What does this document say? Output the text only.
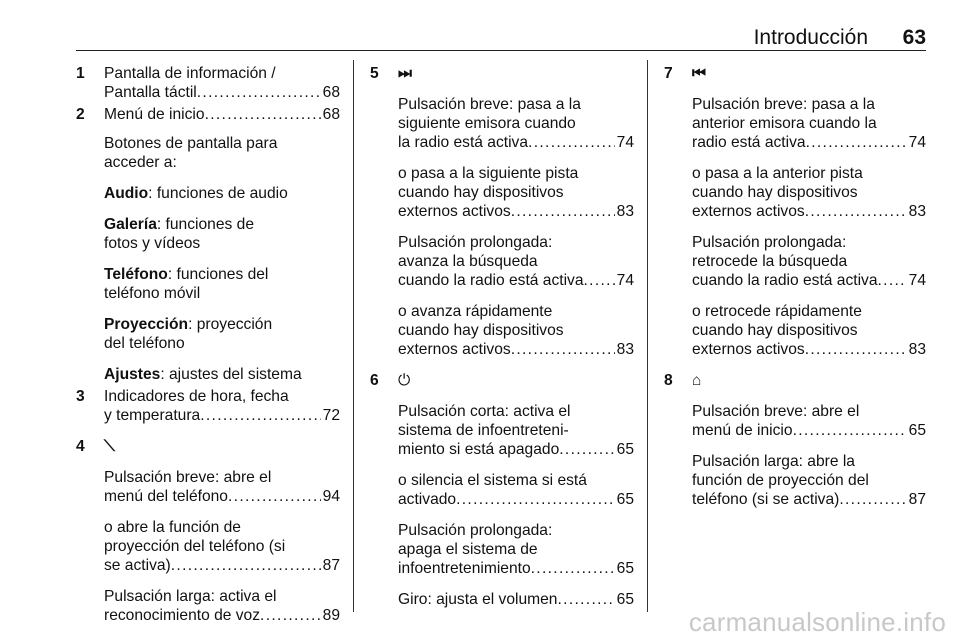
Introducción 63
1 Pantalla de información /
Pantalla táctil . . .	68
2 Menú de inicio . . .	68
Botones de pantalla para
acceder a:
Audio: funciones de audio
Galería: funciones de
fotos y vídeos
Teléfono: funciones del
teléfono móvil
Proyección: proyección
del teléfono
Ajustes: ajustes del sistema
3 Indicadores de hora, fecha
y temperatura . . .	72
4 ⟍
Pulsación breve: abre el
menú del teléfono . . .	94
o abre la función de
proyección del teléfono (si
se activa) . . .	87
Pulsación larga: activa el
reconocimiento de voz . . .	89
5 ⏭
Pulsación breve: pasa a la
siguiente emisora cuando
la radio está activa . . .	74
o pasa a la siguiente pista
cuando hay dispositivos
externos activos . . .	83
Pulsación prolongada:
avanza la búsqueda
cuando la radio está activa . . . 74
o avanza rápidamente
cuando hay dispositivos
externos activos . . .	83
6 ⏻
Pulsación corta: activa el
sistema de infoentreteni-
miento si está apagado . . .	65
o silencia el sistema si está
activado . . .	65
Pulsación prolongada:
apaga el sistema de
infoentretenimiento . . .	65
Giro: ajusta el volumen . . .	65
7 ⏮
Pulsación breve: pasa a la
anterior emisora cuando la
radio está activa . . .	74
o pasa a la anterior pista
cuando hay dispositivos
externos activos . . .	83
Pulsación prolongada:
retrocede la búsqueda
cuando la radio está activa . . . 74
o retrocede rápidamente
cuando hay dispositivos
externos activos . . .	83
8 ⌂
Pulsación breve: abre el
menú de inicio . . .	65
Pulsación larga: abre la
función de proyección del
teléfono (si se activa) . . .	87
carmanualsonline.info
